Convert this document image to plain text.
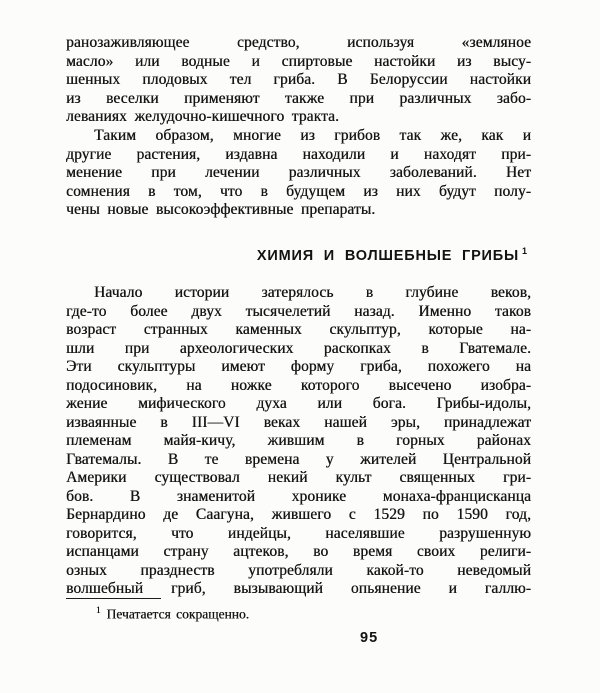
ранозаживляющее средство, используя «земляное
масло» или водные и спиртовые настойки из высу-
шенных плодовых тел гриба. В Белоруссии настойки
из веселки применяют также при различных забо-
леваниях желудочно-кишечного тракта.
Таким образом, многие из грибов так же, как и
другие растения, издавна находили и находят при-
менение при лечении различных заболеваний. Нет
сомнения в том, что в будущем из них будут полу-
чены новые высокоэффективные препараты.
ХИМИЯ И ВОЛШЕБНЫЕ ГРИБЫ $^1$
Начало истории затерялось в глубине веков,
где-то более двух тысячелетий назад. Именно таков
возраст странных каменных скульптур, которые на-
шли при археологических раскопках в Гватемале.
Эти скульптуры имеют форму гриба, похожего на
подосиновик, на ножке которого высечено изобра-
жение мифического духа или бога. Грибы-идолы,
изваянные в III—VI веках нашей эры, принадлежат
племенам майя-кичу, жившим в горных районах
Гватемалы. В те времена у жителей Центральной
Америки существовал некий культ священных гри-
бов. В знаменитой хронике монаха-францисканца
Бернардино де Саагуна, жившего с 1529 по 1590 год,
говорится, что индейцы, населявшие разрушенную
испанцами страну ацтеков, во время своих религи-
озных празднеств употребляли какой-то неведомый
волшебный гриб, вызывающий опьянение и галлю-
$^1$ Печатается сокращенно.
95
